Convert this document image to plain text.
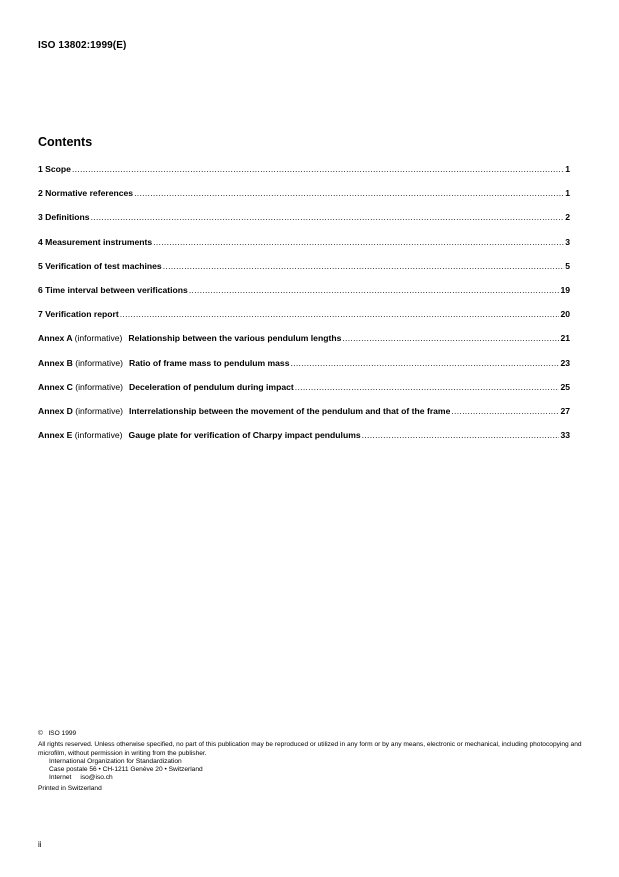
ISO 13802:1999(E)
Contents
1 Scope .....	1
2 Normative references .....	1
3 Definitions .....	2
4 Measurement instruments .....	3
5 Verification of test machines .....	5
6 Time interval between verifications .....	19
7 Verification report .....	20
Annex A (informative) Relationship between the various pendulum lengths .....	21
Annex B (informative) Ratio of frame mass to pendulum mass .....	23
Annex C (informative) Deceleration of pendulum during impact .....	25
Annex D (informative) Interrelationship between the movement of the pendulum and that of the frame .....	27
Annex E (informative) Gauge plate for verification of Charpy impact pendulums .....	33
©   ISO 1999
All rights reserved. Unless otherwise specified, no part of this publication may be reproduced or utilized in any form or by any means, electronic or mechanical, including photocopying and microfilm, without permission in writing from the publisher.
International Organization for Standardization
Case postale 56 • CH-1211 Genève 20 • Switzerland
Internet iso@iso.ch
Printed in Switzerland
ii
